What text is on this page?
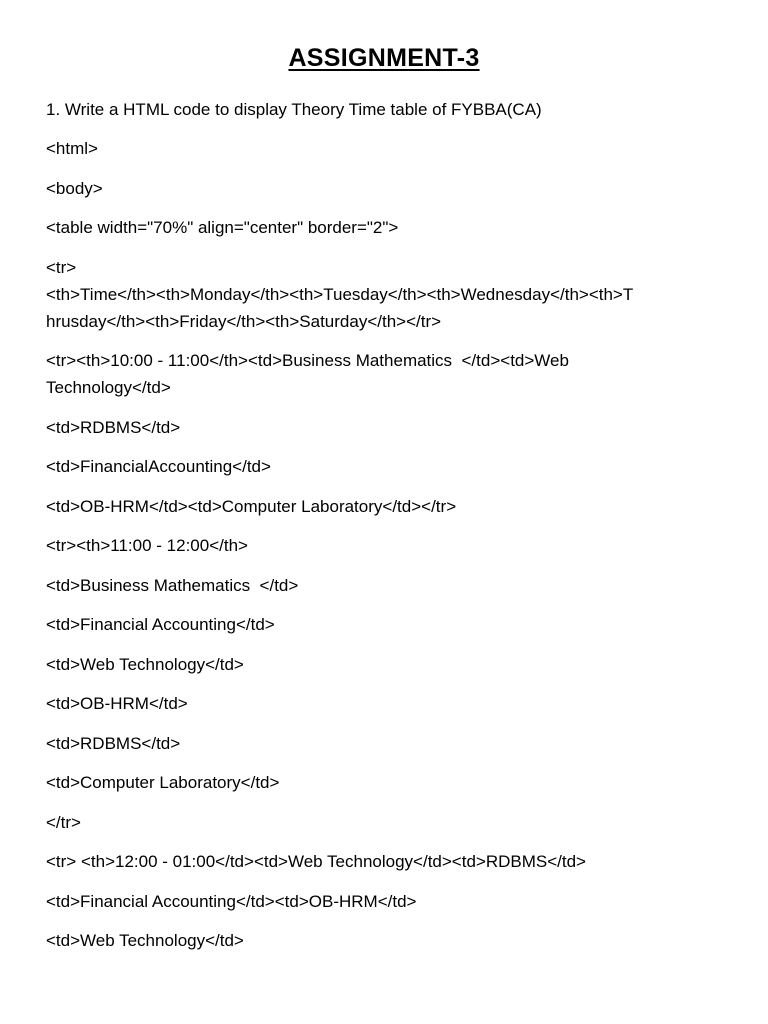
ASSIGNMENT-3
1. Write a HTML code to display Theory Time table of FYBBA(CA)
<html>
<body>
<table width="70%" align="center" border="2">
<tr>
<th>Time</th><th>Monday</th><th>Tuesday</th><th>Wednesday</th><th>T
hrusday</th><th>Friday</th><th>Saturday</th></tr>
<tr><th>10:00 - 11:00</th><td>Business Mathematics  </td><td>Web
Technology</td>
<td>RDBMS</td>
<td>FinancialAccounting</td>
<td>OB-HRM</td><td>Computer Laboratory</td></tr>
<tr><th>11:00 - 12:00</th>
<td>Business Mathematics  </td>
<td>Financial Accounting</td>
<td>Web Technology</td>
<td>OB-HRM</td>
<td>RDBMS</td>
<td>Computer Laboratory</td>
</tr>
<tr> <th>12:00 - 01:00</td><td>Web Technology</td><td>RDBMS</td>
<td>Financial Accounting</td><td>OB-HRM</td>
<td>Web Technology</td>
